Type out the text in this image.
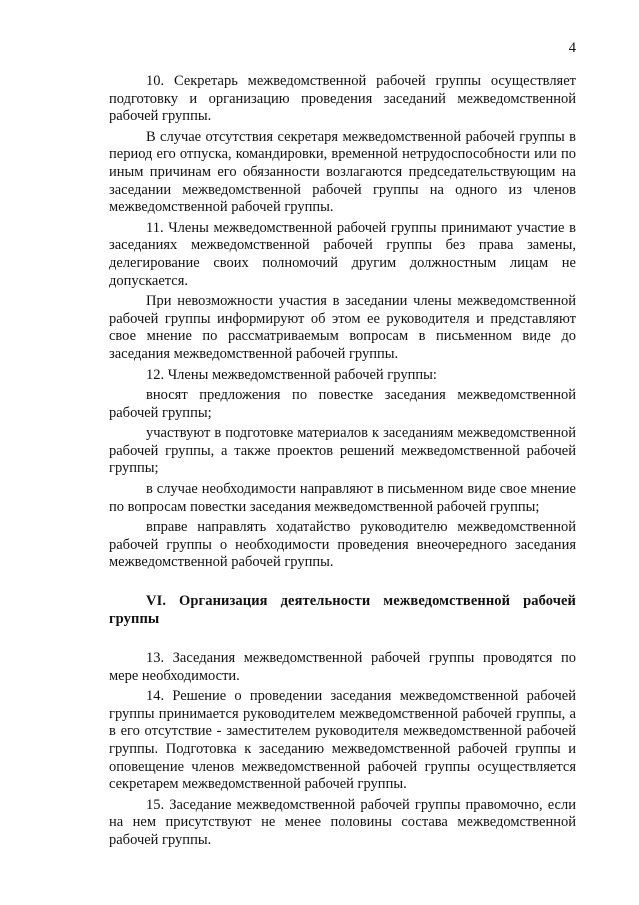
4

10. Секретарь межведомственной рабочей группы осуществляет подготовку и организацию проведения заседаний межведомственной рабочей группы.

В случае отсутствия секретаря межведомственной рабочей группы в период его отпуска, командировки, временной нетрудоспособности или по иным причинам его обязанности возлагаются председательствующим на заседании межведомственной рабочей группы на одного из членов межведомственной рабочей группы.

11. Члены межведомственной рабочей группы принимают участие в заседаниях межведомственной рабочей группы без права замены, делегирование своих полномочий другим должностным лицам не допускается.

При невозможности участия в заседании члены межведомственной рабочей группы информируют об этом ее руководителя и представляют свое мнение по рассматриваемым вопросам в письменном виде до заседания межведомственной рабочей группы.

12. Члены межведомственной рабочей группы:

вносят предложения по повестке заседания межведомственной рабочей группы;

участвуют в подготовке материалов к заседаниям межведомственной рабочей группы, а также проектов решений межведомственной рабочей группы;

в случае необходимости направляют в письменном виде свое мнение по вопросам повестки заседания межведомственной рабочей группы;

вправе направлять ходатайство руководителю межведомственной рабочей группы о необходимости проведения внеочередного заседания межведомственной рабочей группы.

VI. Организация деятельности межведомственной рабочей группы

13. Заседания межведомственной рабочей группы проводятся по мере необходимости.

14. Решение о проведении заседания межведомственной рабочей группы принимается руководителем межведомственной рабочей группы, а в его отсутствие - заместителем руководителя межведомственной рабочей группы. Подготовка к заседанию межведомственной рабочей группы и оповещение членов межведомственной рабочей группы осуществляется секретарем межведомственной рабочей группы.

15. Заседание межведомственной рабочей группы правомочно, если на нем присутствуют не менее половины состава межведомственной рабочей группы.
